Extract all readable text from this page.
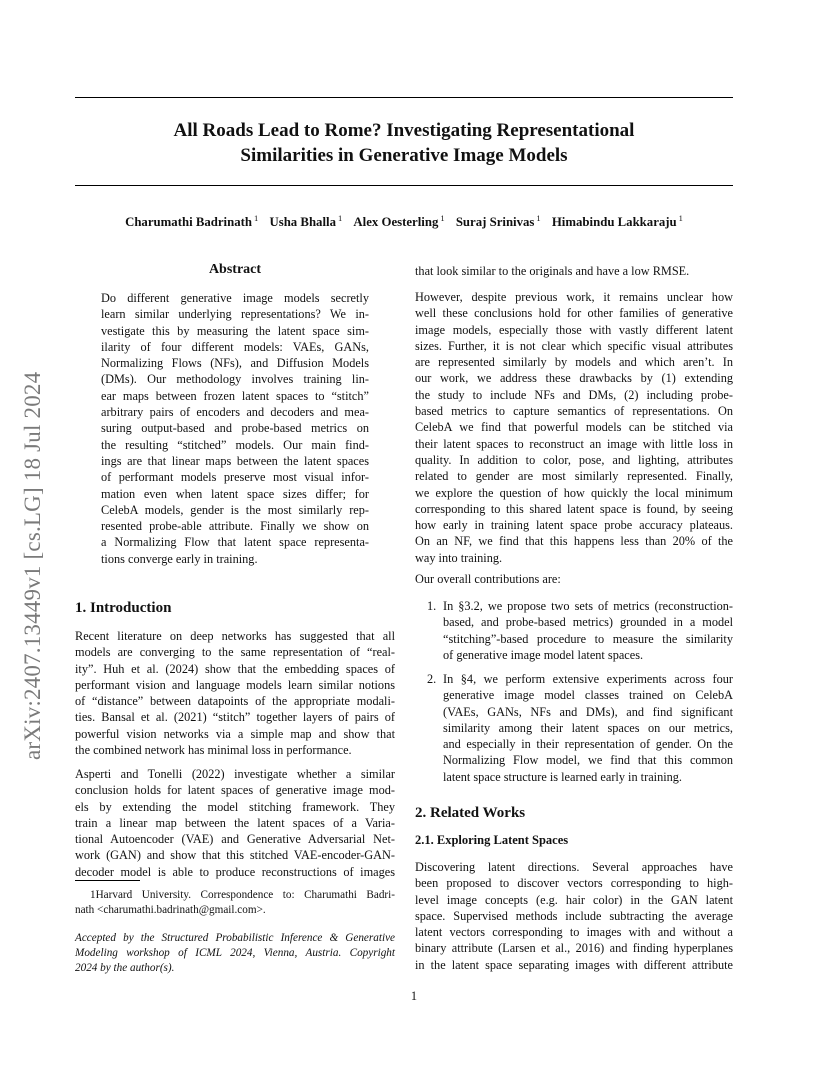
All Roads Lead to Rome? Investigating Representational
Similarities in Generative Image Models
Charumathi Badrinath $^1$ Usha Bhalla $^1$ Alex Oesterling $^1$ Suraj Srinivas $^1$ Himabindu Lakkaraju $^1$
arXiv:2407.13449v1 [cs.LG] 18 Jul 2024
Abstract
Do different generative image models secretly
learn similar underlying representations? We in-
vestigate this by measuring the latent space sim-
ilarity of four different models: VAEs, GANs,
Normalizing Flows (NFs), and Diffusion Models
(DMs). Our methodology involves training lin-
ear maps between frozen latent spaces to “stitch”
arbitrary pairs of encoders and decoders and mea-
suring output-based and probe-based metrics on
the resulting “stitched” models. Our main find-
ings are that linear maps between the latent spaces
of performant models preserve most visual infor-
mation even when latent space sizes differ; for
CelebA models, gender is the most similarly rep-
resented probe-able attribute. Finally we show on
a Normalizing Flow that latent space representa-
tions converge early in training.
1. Introduction
Recent literature on deep networks has suggested that all
models are converging to the same representation of “real-
ity”. Huh et al. (2024) show that the embedding spaces of
performant vision and language models learn similar notions
of “distance” between datapoints of the appropriate modali-
ties. Bansal et al. (2021) “stitch” together layers of pairs of
powerful vision networks via a simple map and show that
the combined network has minimal loss in performance.
Asperti and Tonelli (2022) investigate whether a similar
conclusion holds for latent spaces of generative image mod-
els by extending the model stitching framework. They
train a linear map between the latent spaces of a Varia-
tional Autoencoder (VAE) and Generative Adversarial Net-
work (GAN) and show that this stitched VAE-encoder-GAN-
decoder model is able to produce reconstructions of images
1Harvard University. Correspondence to: Charumathi Badri-
nath <charumathi.badrinath@gmail.com>.
Accepted by the Structured Probabilistic Inference & Generative
Modeling workshop of ICML 2024, Vienna, Austria. Copyright
2024 by the author(s).
that look similar to the originals and have a low RMSE.
However, despite previous work, it remains unclear how
well these conclusions hold for other families of generative
image models, especially those with vastly different latent
sizes. Further, it is not clear which specific visual attributes
are represented similarly by models and which aren’t. In
our work, we address these drawbacks by (1) extending
the study to include NFs and DMs, (2) including probe-
based metrics to capture semantics of representations. On
CelebA we find that powerful models can be stitched via
their latent spaces to reconstruct an image with little loss in
quality. In addition to color, pose, and lighting, attributes
related to gender are most similarly represented. Finally,
we explore the question of how quickly the local minimum
corresponding to this shared latent space is found, by seeing
how early in training latent space probe accuracy plateaus.
On an NF, we find that this happens less than 20% of the
way into training.
Our overall contributions are:
1. In §3.2, we propose two sets of metrics (reconstruction-
based, and probe-based metrics) grounded in a model
“stitching”-based procedure to measure the similarity
of generative image model latent spaces.
2. In §4, we perform extensive experiments across four
generative image model classes trained on CelebA
(VAEs, GANs, NFs and DMs), and find significant
similarity among their latent spaces on our metrics,
and especially in their representation of gender. On the
Normalizing Flow model, we find that this common
latent space structure is learned early in training.
2. Related Works
2.1. Exploring Latent Spaces
Discovering latent directions. Several approaches have
been proposed to discover vectors corresponding to high-
level image concepts (e.g. hair color) in the GAN latent
space. Supervised methods include subtracting the average
latent vectors corresponding to images with and without a
binary attribute (Larsen et al., 2016) and finding hyperplanes
in the latent space separating images with different attribute
1
